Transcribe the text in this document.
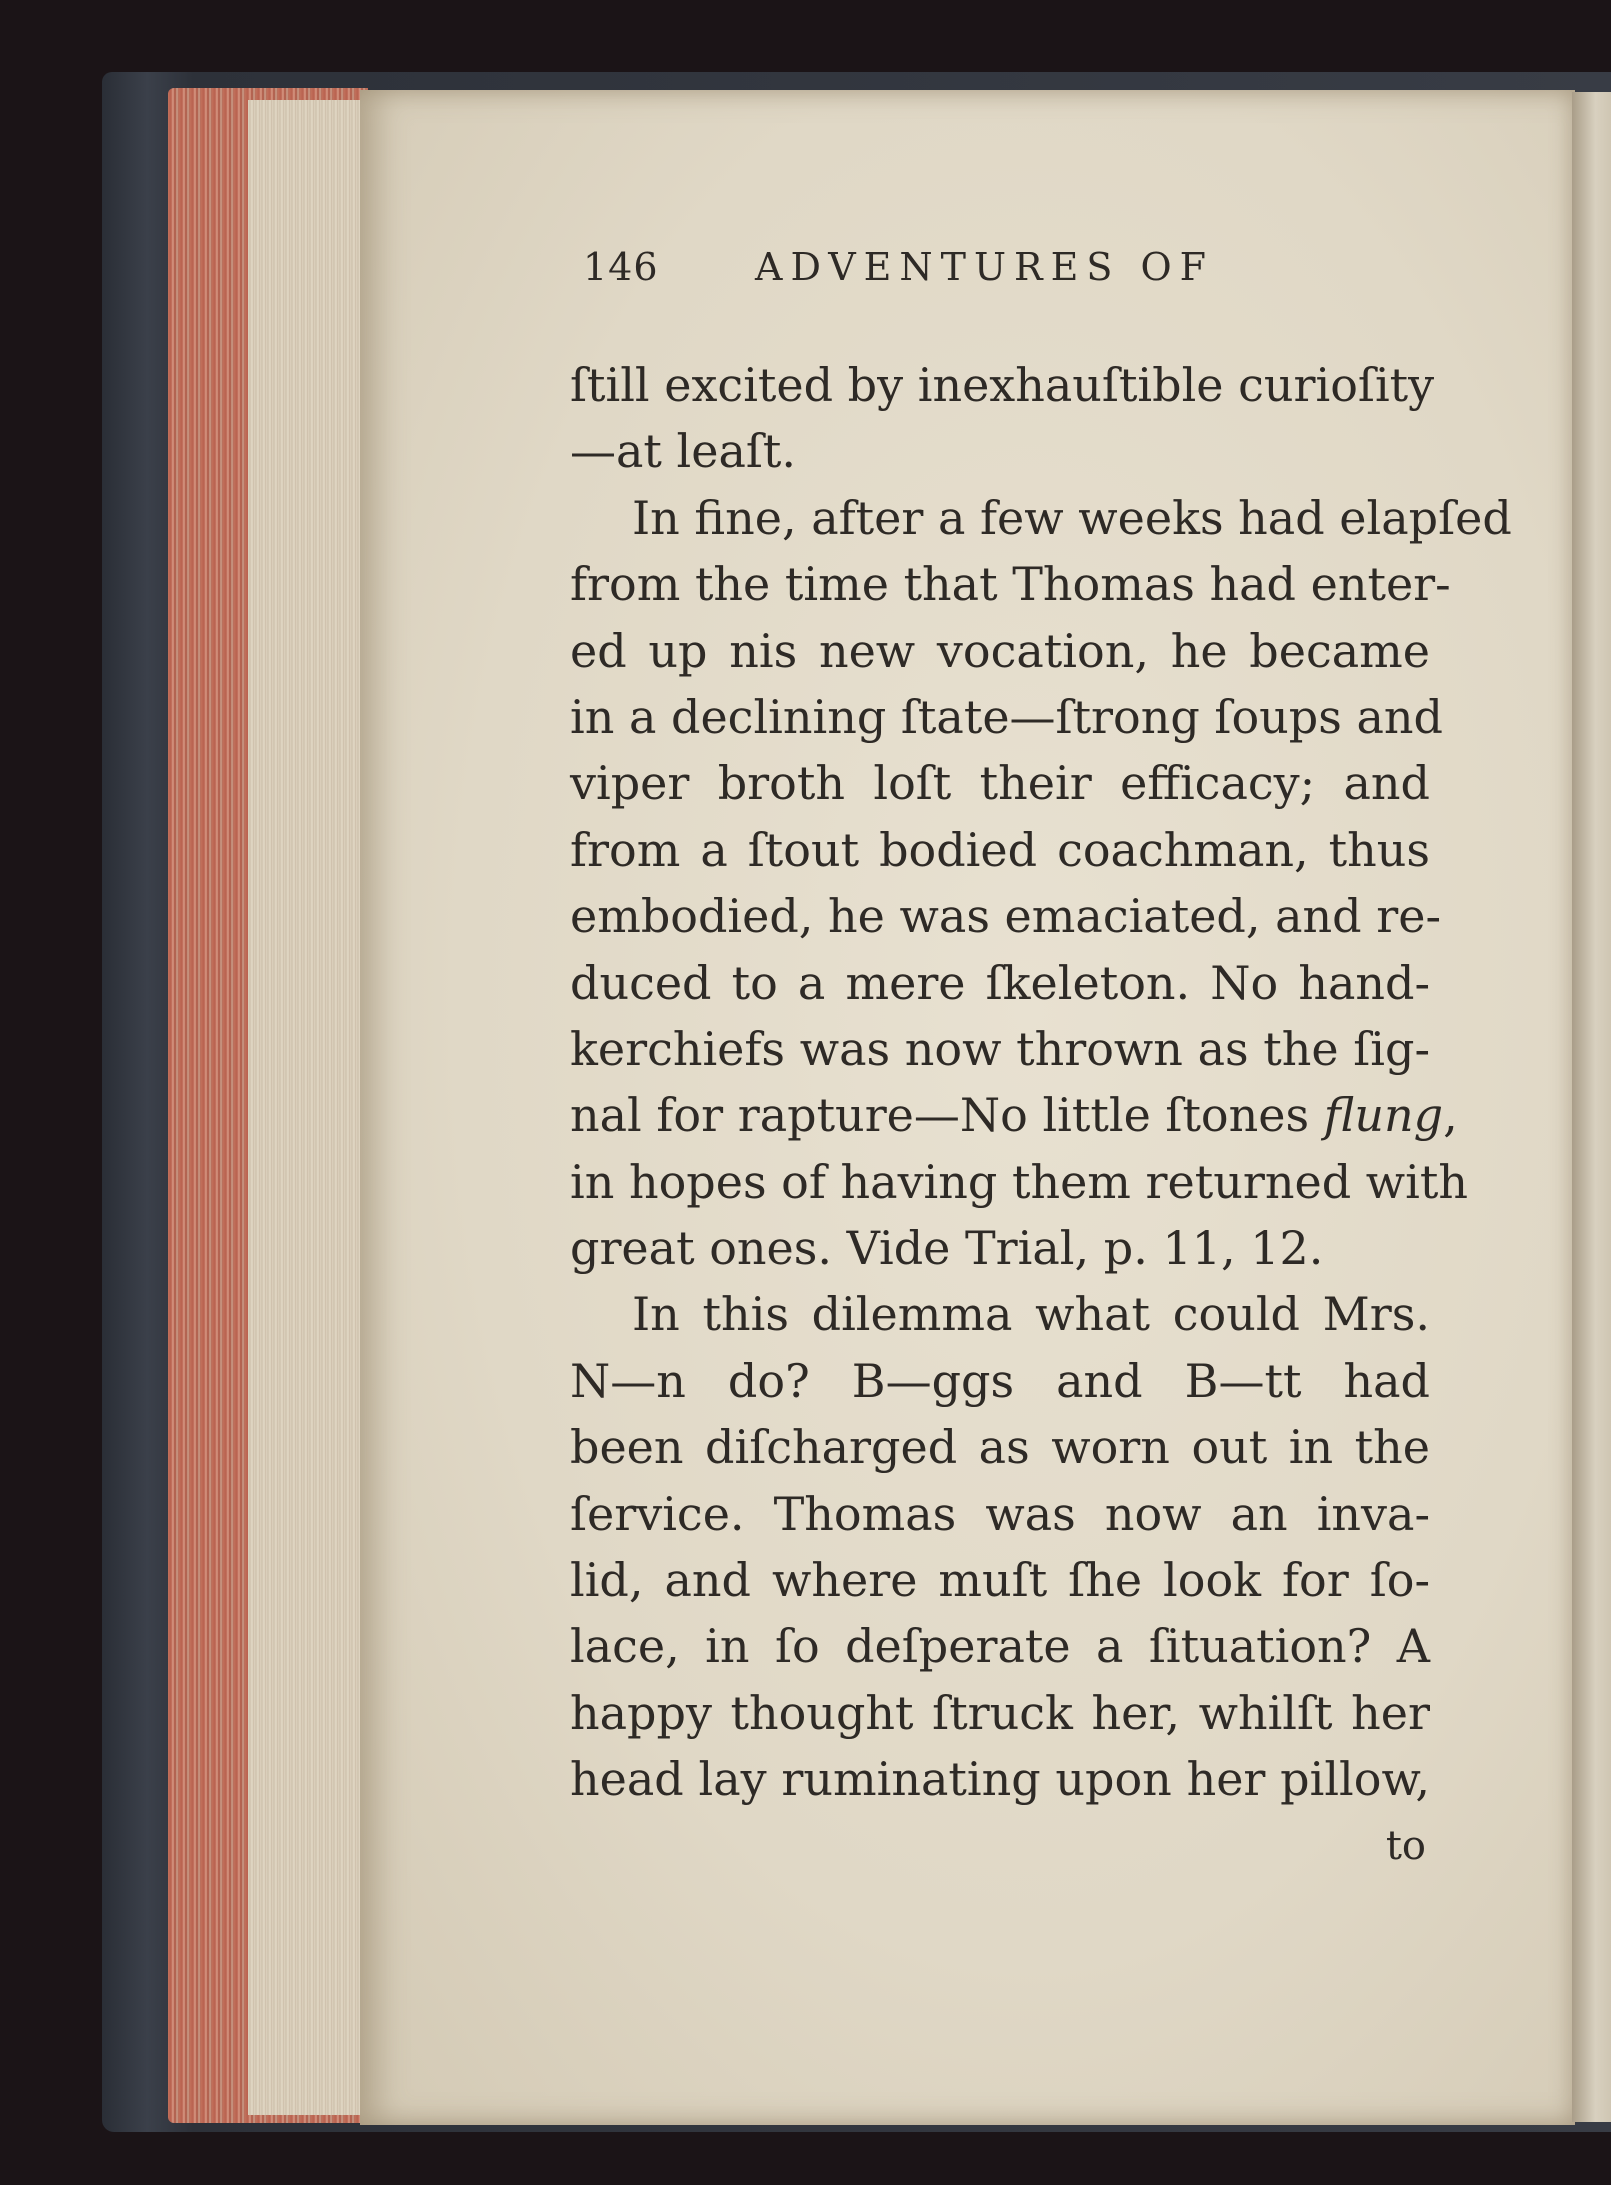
146	ADVENTURES OF
ſtill excited by inexhauſtible curioſity
—at leaſt.
In fine, after a few weeks had elapſed
from the time that Thomas had enter-
ed up nis new vocation, he became
in a declining ſtate—ſtrong ſoups and
viper broth loſt their efficacy; and
from a ſtout bodied coachman, thus
embodied, he was emaciated, and re-
duced to a mere ſkeleton. No hand-
kerchiefs was now thrown as the ſig-
nal for rapture—No little ſtones flung,
in hopes of having them returned with
great ones. Vide Trial, p. 11, 12.
In this dilemma what could Mrs.
N—n do? B—ggs and B—tt had
been diſcharged as worn out in the
ſervice. Thomas was now an inva-
lid, and where muſt ſhe look for ſo-
lace, in ſo deſperate a ſituation? A
happy thought ſtruck her, whilſt her
head lay ruminating upon her pillow,
to
